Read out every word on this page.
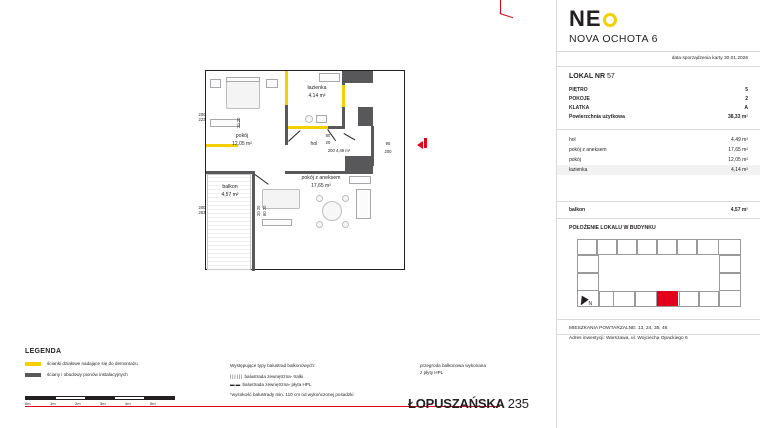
łazienka
4,14 m²
pokój
12,05 m²	hol
balkon
4,57 m²
pokój z aneksem
17,65 m²
200
223
20 20
80
20	90
200
200 4,49 m²
200
253	20 20
80 20
LEGENDA
ścianki działowe nadające się do demontażu
ściany i obudowy pionów instalacyjnych
Występujące typy balustrad balkonowych:
|||||| balustrada zewnętrzna- tralki
▬▬ balustrada zewnętrzna- płyta HPL
*wysokość balustrady min. 110 cm od wykończonej posadzki
przegroda balkonowa wykonana
z płyty HPL
0m	1m	2m	3m	4m	5m	ŁOPUSZAŃSKA 235
NE
NOVA OCHOTA 6
data sporządzenia karty 30.01.2026
LOKAL NR 57
PIĘTRO	5
POKOJE	2
KLATKA	A
Powierzchnia użytkowa	38,33 m²
hol	4,49 m²
pokój z aneksem	17,65 m²
pokój	12,05 m²
łazienka	4,14 m²
balkon	4,57 m²
POŁOŻENIE LOKALU W BUDYNKU
N
MIESZKANIA POWTARZALNE: 13, 24, 35, 46
Adres inwestycji: Warszawa, ul. Wojciecha Opackiego 6
